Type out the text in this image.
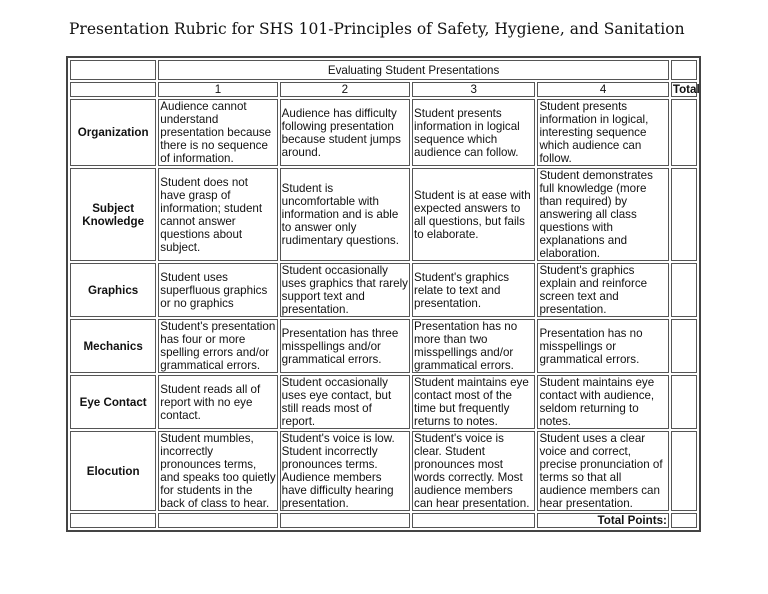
Presentation Rubric for SHS 101-Principles of Safety, Hygiene, and Sanitation
	Evaluating Student Presentations				
	1	2	3	4	Total
Organization	Audience cannot understand presentation because there is no sequence of information.	Audience has difficulty following presentation because student jumps around.	Student presents information in logical sequence which audience can follow.	Student presents information in logical, interesting sequence which audience can follow.	
Subject Knowledge	Student does not have grasp of information; student cannot answer questions about subject.	Student is uncomfortable with information and is able to answer only rudimentary questions.	Student is at ease with expected answers to all questions, but fails to elaborate.	Student demonstrates full knowledge (more than required) by answering all class questions with explanations and elaboration.	
Graphics	Student uses superfluous graphics or no graphics	Student occasionally uses graphics that rarely support text and presentation.	Student's graphics relate to text and presentation.	Student's graphics explain and reinforce screen text and presentation.	
Mechanics	Student's presentation has four or more spelling errors and/or grammatical errors.	Presentation has three misspellings and/or grammatical errors.	Presentation has no more than two misspellings and/or grammatical errors.	Presentation has no misspellings or grammatical errors.	
Eye Contact	Student reads all of report with no eye contact.	Student occasionally uses eye contact, but still reads most of report.	Student maintains eye contact most of the time but frequently returns to notes.	Student maintains eye contact with audience, seldom returning to notes.	
Elocution	Student mumbles, incorrectly pronounces terms, and speaks too quietly for students in the back of class to hear.	Student's voice is low. Student incorrectly pronounces terms. Audience members have difficulty hearing presentation.	Student's voice is clear. Student pronounces most words correctly. Most audience members can hear presentation.	Student uses a clear voice and correct, precise pronunciation of terms so that all audience members can hear presentation.	
				Total Points:	
